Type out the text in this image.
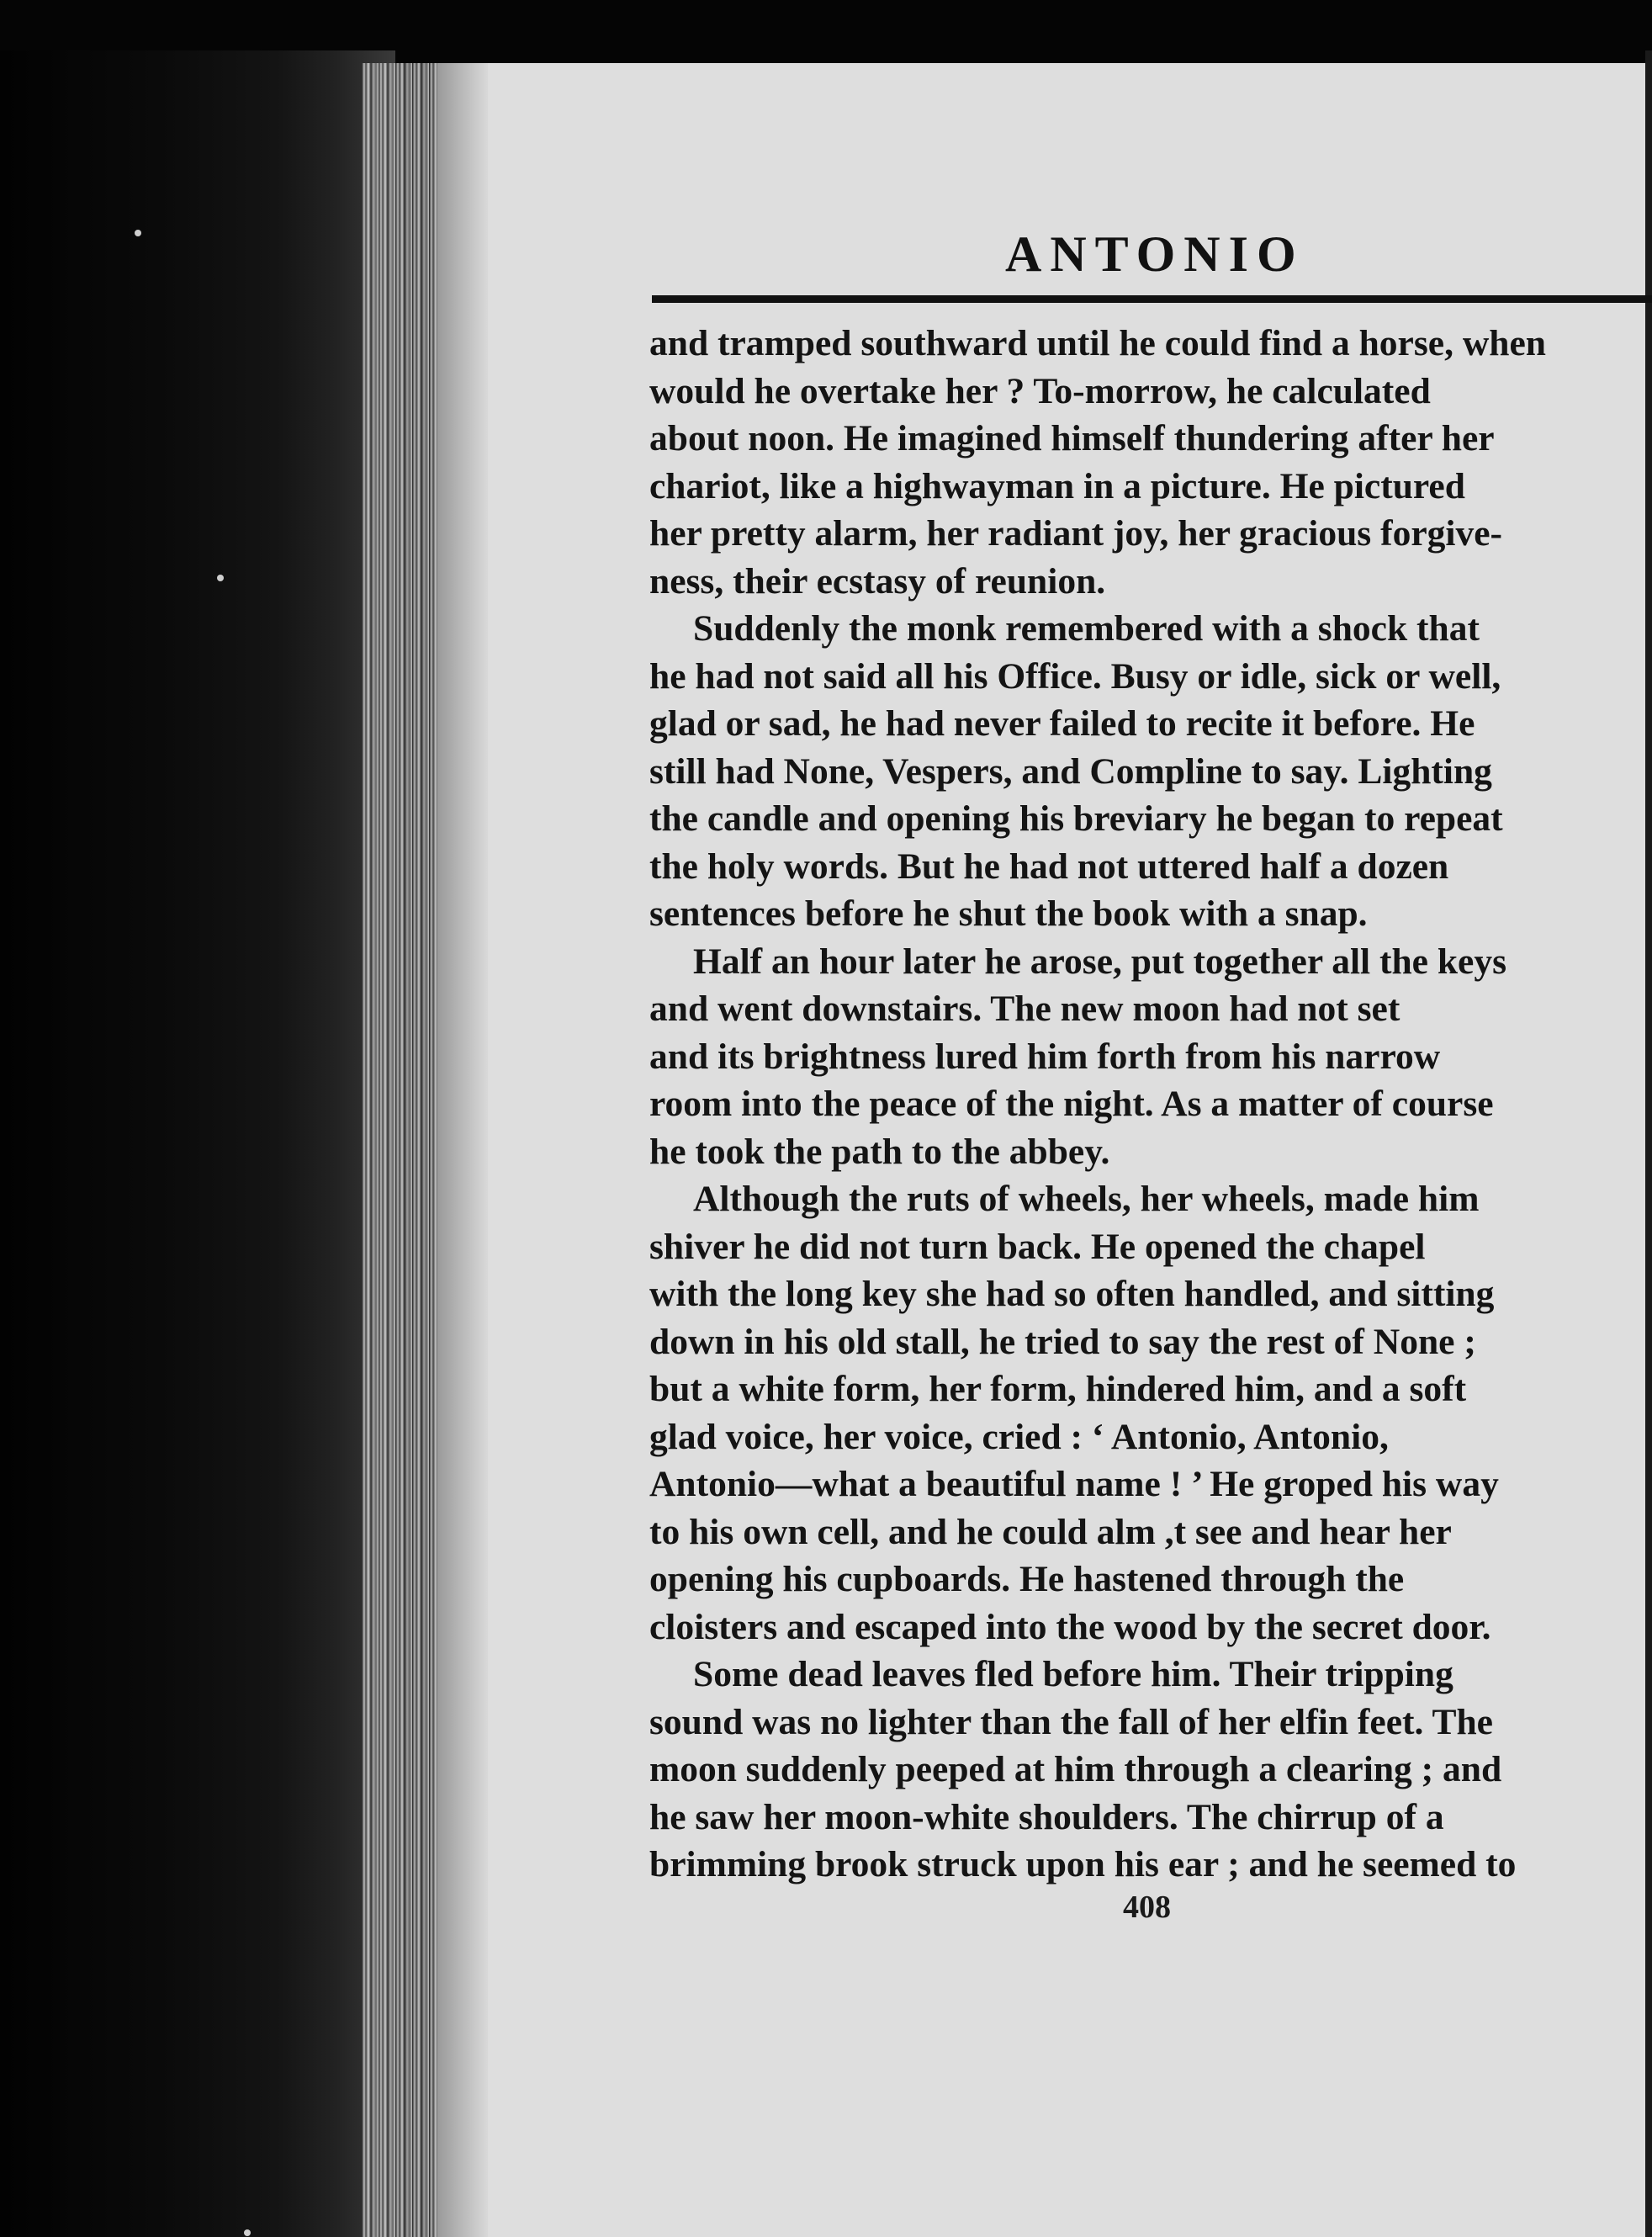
ANTONIO
and tramped southward until he could find a horse, when
would he overtake her ? To-morrow, he calculated
about noon. He imagined himself thundering after her
chariot, like a highwayman in a picture. He pictured
her pretty alarm, her radiant joy, her gracious forgive-
ness, their ecstasy of reunion.
Suddenly the monk remembered with a shock that
he had not said all his Office. Busy or idle, sick or well,
glad or sad, he had never failed to recite it before. He
still had None, Vespers, and Compline to say. Lighting
the candle and opening his breviary he began to repeat
the holy words. But he had not uttered half a dozen
sentences before he shut the book with a snap.
Half an hour later he arose, put together all the keys
and went downstairs. The new moon had not set
and its brightness lured him forth from his narrow
room into the peace of the night. As a matter of course
he took the path to the abbey.
Although the ruts of wheels, her wheels, made him
shiver he did not turn back. He opened the chapel
with the long key she had so often handled, and sitting
down in his old stall, he tried to say the rest of None ;
but a white form, her form, hindered him, and a soft
glad voice, her voice, cried : ‘ Antonio, Antonio,
Antonio—what a beautiful name ! ’ He groped his way
to his own cell, and he could alm ,t see and hear her
opening his cupboards. He hastened through the
cloisters and escaped into the wood by the secret door.
Some dead leaves fled before him. Their tripping
sound was no lighter than the fall of her elfin feet. The
moon suddenly peeped at him through a clearing ; and
he saw her moon-white shoulders. The chirrup of a
brimming brook struck upon his ear ; and he seemed to
408
